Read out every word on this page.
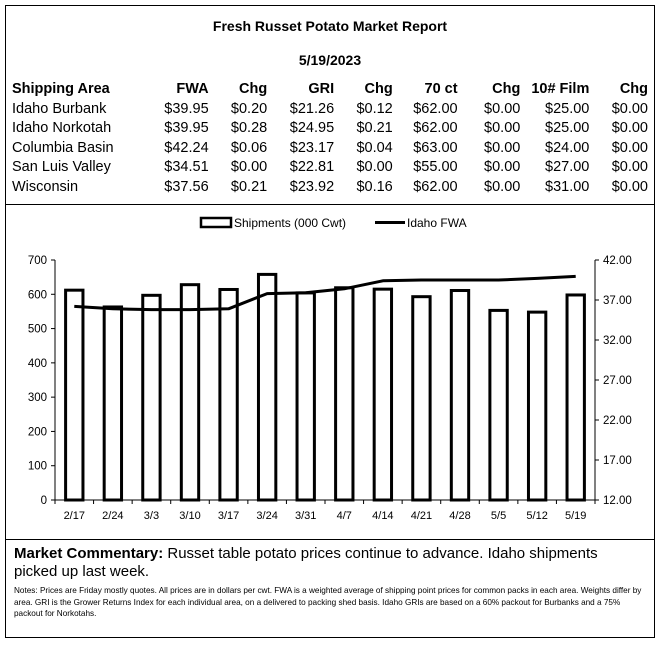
Fresh Russet Potato Market Report
5/19/2023
Shipping Area	FWA	Chg	GRI	Chg	70 ct	Chg	10# Film	Chg
Idaho Burbank	$39.95	$0.20	$21.26	$0.12	$62.00	$0.00	$25.00	$0.00
Idaho Norkotah	$39.95	$0.28	$24.95	$0.21	$62.00	$0.00	$25.00	$0.00
Columbia Basin	$42.24	$0.06	$23.17	$0.04	$63.00	$0.00	$24.00	$0.00
San Luis Valley	$34.51	$0.00	$22.81	$0.00	$55.00	$0.00	$27.00	$0.00
Wisconsin	$37.56	$0.21	$23.92	$0.16	$62.00	$0.00	$31.00	$0.00
Shipments (000 Cwt)	Idaho FWA
0
100
200
300
400
500
600
700
12.00
17.00
22.00
27.00
32.00
37.00
42.00
2/17 2/24 3/3 3/10 3/17 3/24 3/31 4/7 4/14 4/21 4/28 5/5 5/12 5/19
Market Commentary: Russet table potato prices continue to advance. Idaho shipments picked up last week.
Notes: Prices are Friday mostly quotes. All prices are in dollars per cwt. FWA is a weighted average of shipping point prices for common packs in each area. Weights differ by area. GRI is the Grower Returns Index for each individual area, on a delivered to packing shed basis. Idaho GRIs are based on a 60% packout for Burbanks and a 75% packout for Norkotahs.
